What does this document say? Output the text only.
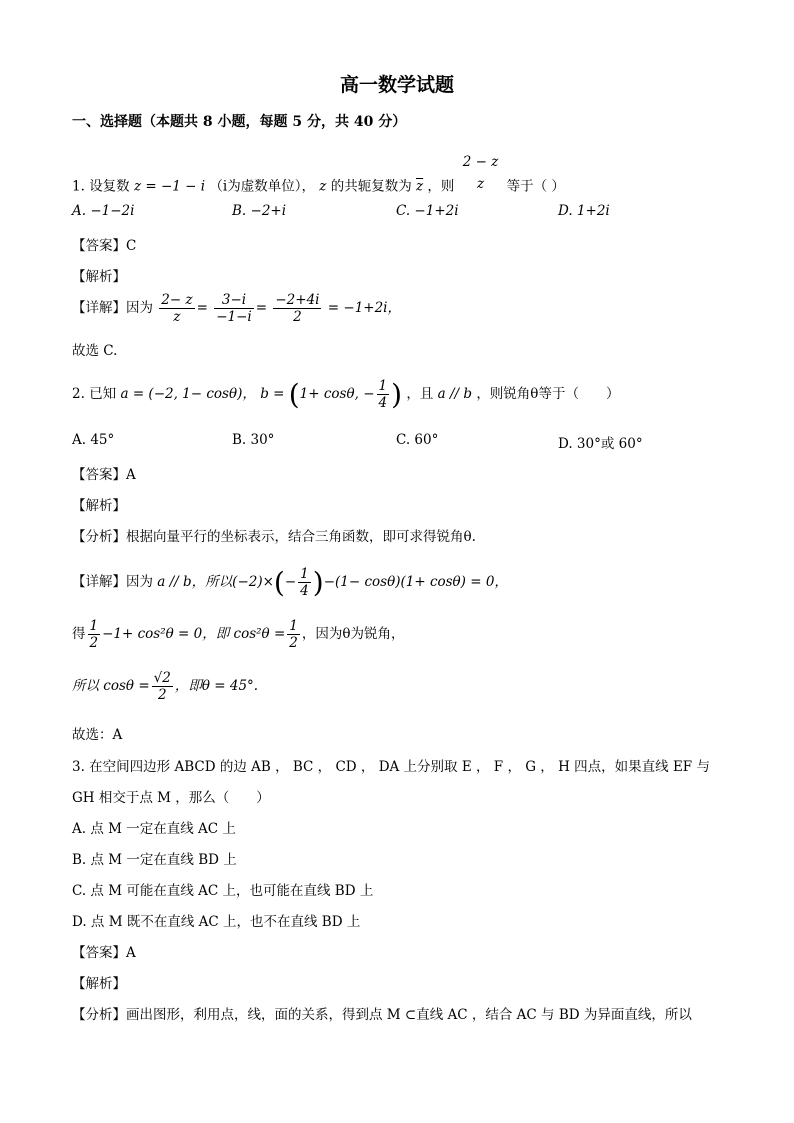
高一数学试题
一、选择题（本题共 8 小题，每题 5 分，共 40 分）
1. 设复数 z = −1 − i （i为虚数单位）， z 的共轭复数为 $\overline{z}$ ，则
2 − z
z	等于（ ）
A. −1−2i	B. −2+i	C. −1+2i	D. 1+2i
【答案】C
【解析】
【详解】因为 $\frac{2- z}{z} = \frac{3-i}{-1-i} = \frac{-2+4i}{2} = -1+2i$，
故选 C.
2. 已知 a = (−2, 1− cosθ)， b = (1+ cosθ, − $\frac{1}{4}$ ) ，且 a // b ，则锐角θ等于（　　）
A. 45°	B. 30°	C. 60°	D. 30°或 60°
【答案】A
【解析】
【分析】根据向量平行的坐标表示，结合三角函数，即可求得锐角θ.
【详解】因为 a // b，所以$(-2)\times(- \frac{1}{4} )-(1- \cos\theta)(1+ \cos\theta) = 0$，
得 $\frac{1}{2} -1+ \cos^2\theta = 0$，即 $\cos^2\theta = \frac{1}{2}$ ，因为θ为锐角，
所以 $\cos\theta = \frac{√2}{2}$ ，即θ = 45°.
故选：A
3. 在空间四边形 ABCD 的边 AB ， BC ， CD ， DA 上分别取 E ， F ， G ， H 四点，如果直线 EF 与
GH 相交于点 M ，那么（　　）
A. 点 M 一定在直线 AC 上
B. 点 M 一定在直线 BD 上
C. 点 M 可能在直线 AC 上，也可能在直线 BD 上
D. 点 M 既不在直线 AC 上，也不在直线 BD 上
【答案】A
【解析】
【分析】画出图形，利用点，线，面的关系，得到点 M ⊂直线 AC ，结合 AC 与 BD 为异面直线，所以
